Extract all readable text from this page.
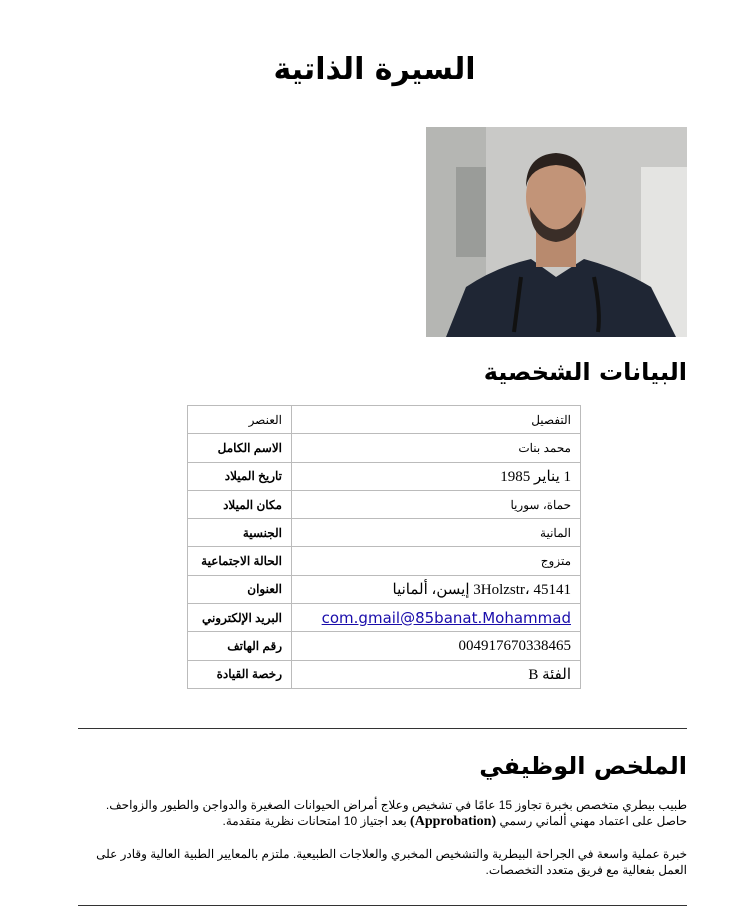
السيرة الذاتية
البيانات الشخصية
التفصيل	العنصر
محمد بنات	الاسم الكامل
1 يناير 1985	تاريخ الميلاد
حماة، سوريا	مكان الميلاد
المانية	الجنسية
متزوج	الحالة الاجتماعية
3Holzstr، 45141 إيسن، ألمانيا	العنوان
com.gmail@85banat.Mohammad	البريد الإلكتروني
004917670338465	رقم الهاتف
الفئة B	رخصة القيادة
الملخص الوظيفي

طبيب بيطري متخصص بخبرة تجاوز 15 عامًا في تشخيص وعلاج أمراض الحيوانات الصغيرة والدواجن والطيور والزواحف.
حاصل على اعتماد مهني ألماني رسمي (Approbation) بعد اجتياز 10 امتحانات نظرية متقدمة.

خبرة عملية واسعة في الجراحة البيطرية والتشخيص المخبري والعلاجات الطبيعية. ملتزم بالمعايير الطبية العالية وقادر على العمل بفعالية مع فريق متعدد التخصصات.
